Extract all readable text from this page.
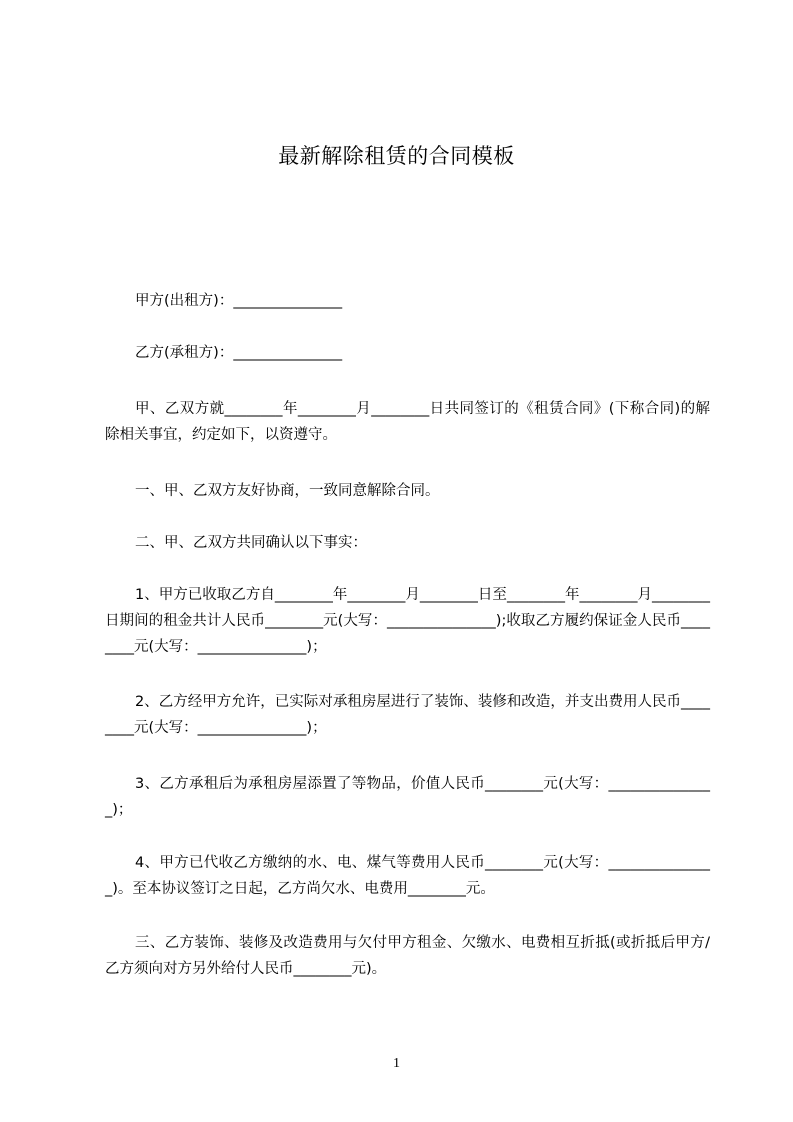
最新解除租赁的合同模板
甲方(出租方)：_______________
乙方(承租方)：_______________
甲、乙双方就________年________月________日共同签订的《租赁合同》(下称合同)的解除相关事宜，约定如下，以资遵守。
一、甲、乙双方友好协商，一致同意解除合同。
二、甲、乙双方共同确认以下事实：
1、甲方已收取乙方自________年________月________日至________年________月________日期间的租金共计人民币________元(大写：_______________);收取乙方履约保证金人民币________元(大写：_______________)；
2、乙方经甲方允许，已实际对承租房屋进行了装饰、装修和改造，并支出费用人民币________元(大写：_______________)；
3、乙方承租后为承租房屋添置了等物品，价值人民币________元(大写：_______________)；
4、甲方已代收乙方缴纳的水、电、煤气等费用人民币________元(大写：_______________)。至本协议签订之日起，乙方尚欠水、电费用________元。
三、乙方装饰、装修及改造费用与欠付甲方租金、欠缴水、电费相互折抵(或折抵后甲方/乙方须向对方另外给付人民币________元)。
1
